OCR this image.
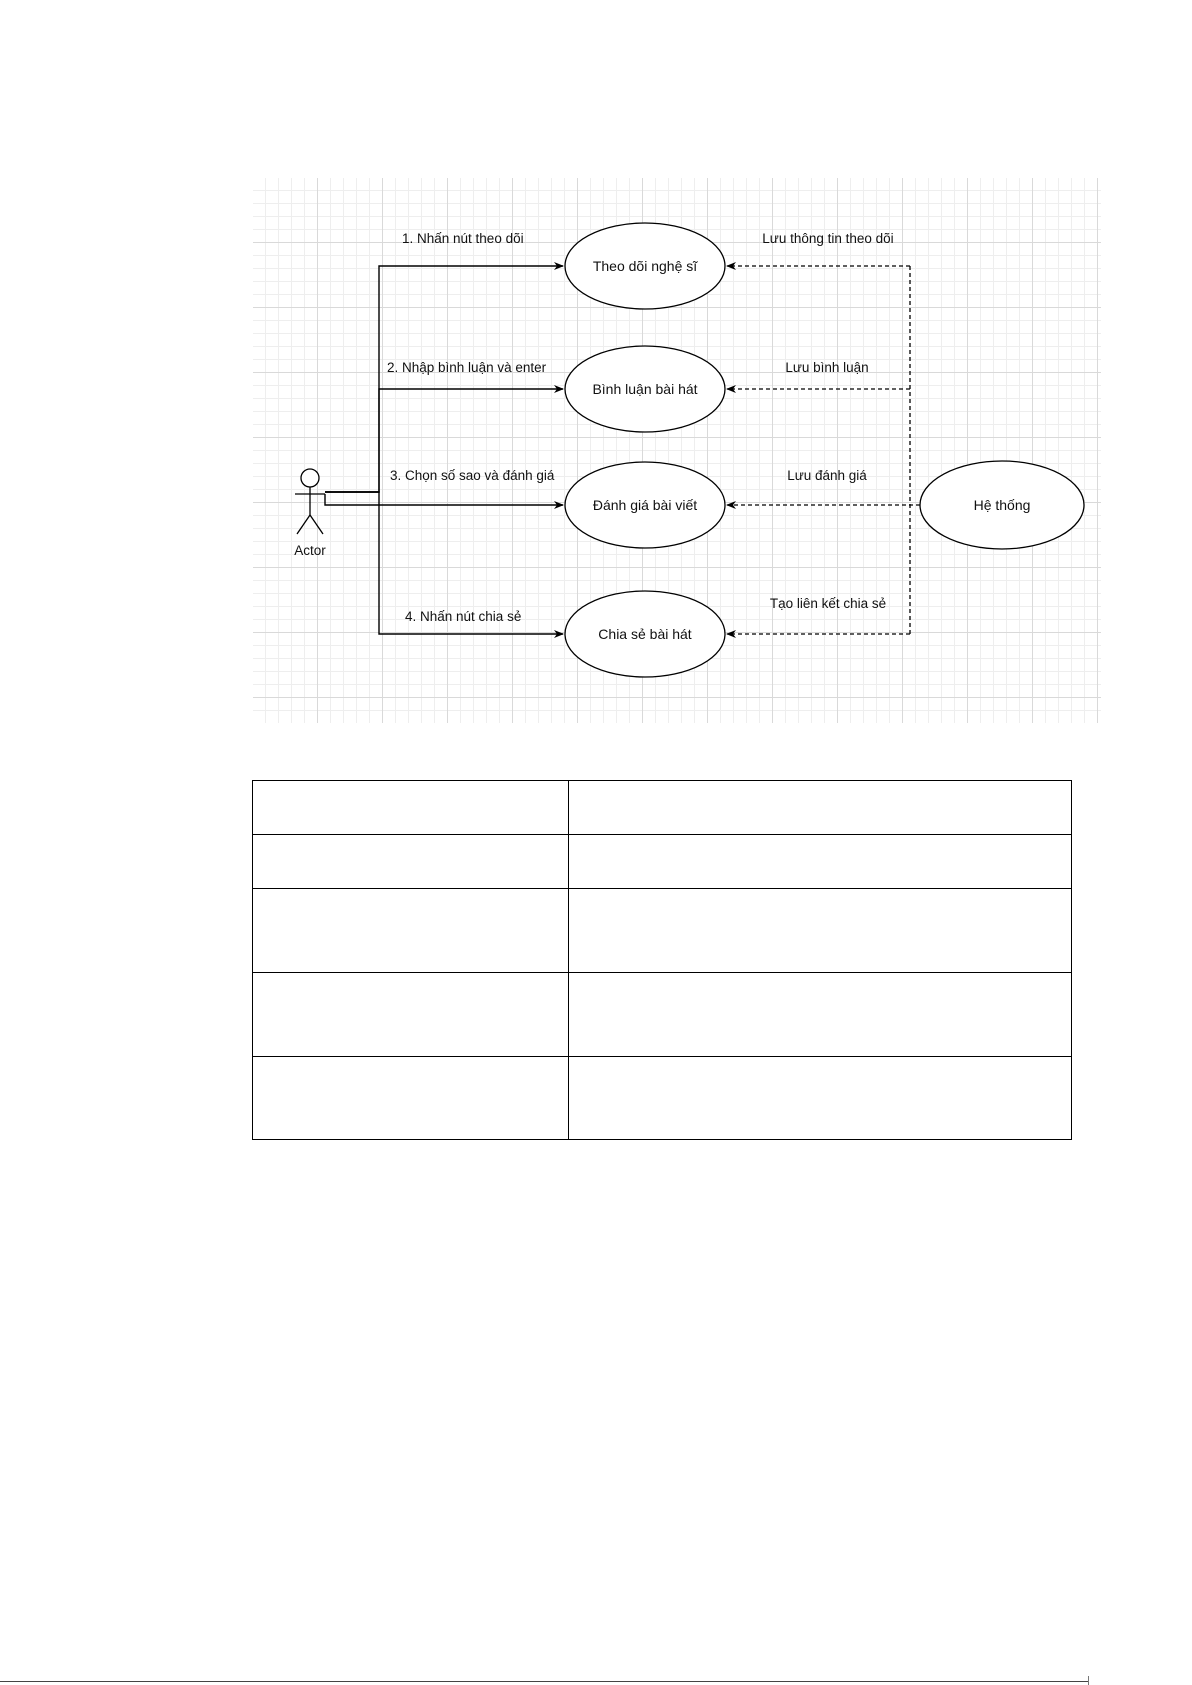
Actor
Theo dõi nghệ sĩ
Bình luận bài hát
Đánh giá bài viết
Chia sẻ bài hát
Hệ thống
1. Nhấn nút theo dõi
2. Nhập bình luận và enter
3. Chọn số sao và đánh giá
4. Nhấn nút chia sẻ
Lưu thông tin theo dõi
Lưu bình luận
Lưu đánh giá
Tạo liên kết chia sẻ
